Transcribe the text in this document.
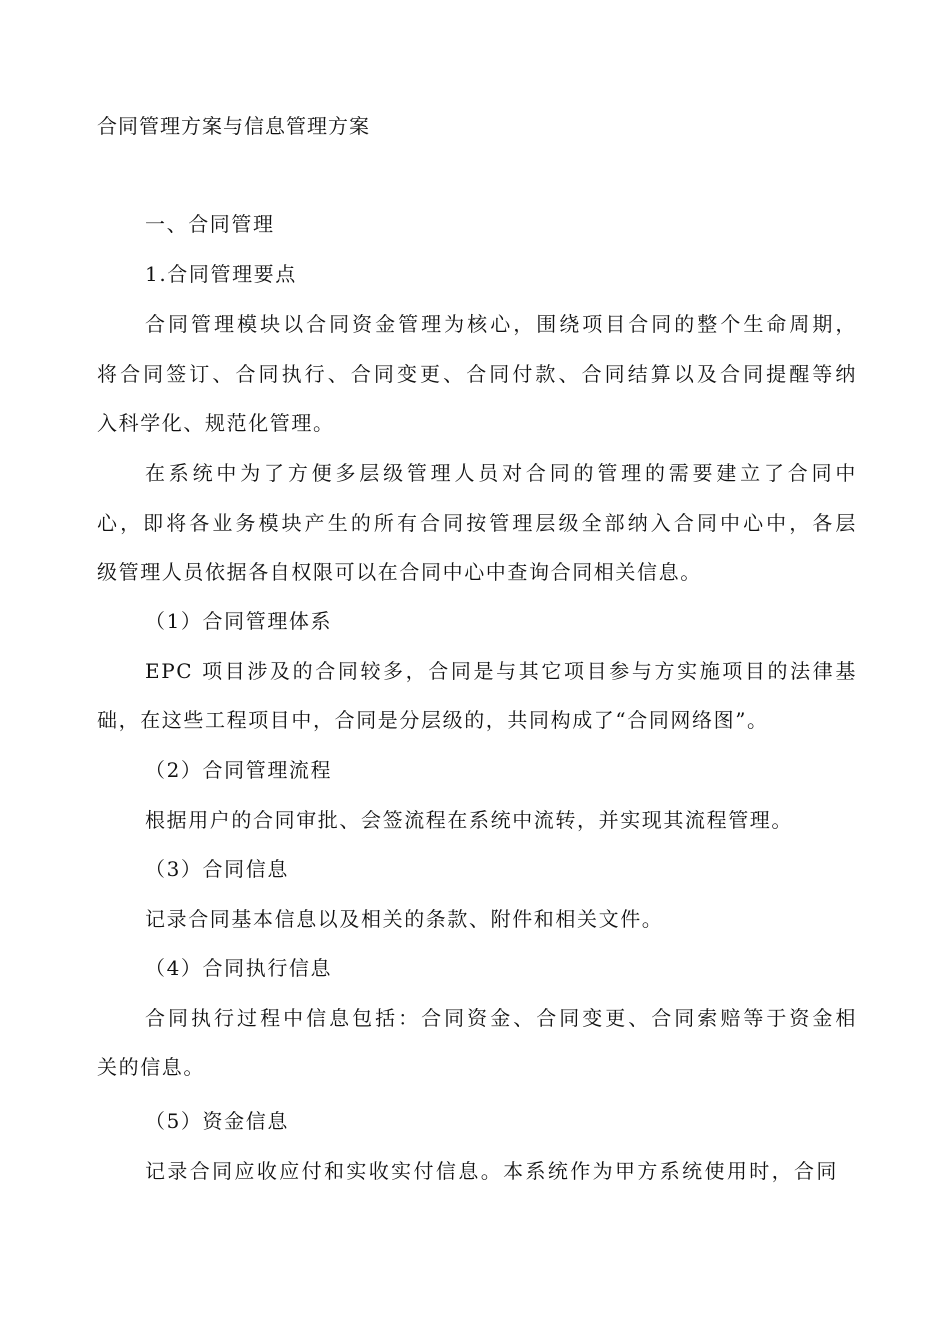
合同管理方案与信息管理方案

一、合同管理

1.合同管理要点

合同管理模块以合同资金管理为核心，围绕项目合同的整个生命周期，

将合同签订、合同执行、合同变更、合同付款、合同结算以及合同提醒等纳

入科学化、规范化管理。

在系统中为了方便多层级管理人员对合同的管理的需要建立了合同中

心，即将各业务模块产生的所有合同按管理层级全部纳入合同中心中，各层

级管理人员依据各自权限可以在合同中心中查询合同相关信息。

（1）合同管理体系

EPC 项目涉及的合同较多，合同是与其它项目参与方实施项目的法律基

础，在这些工程项目中，合同是分层级的，共同构成了“合同网络图”。

（2）合同管理流程

根据用户的合同审批、会签流程在系统中流转，并实现其流程管理。

（3）合同信息

记录合同基本信息以及相关的条款、附件和相关文件。

（4）合同执行信息

合同执行过程中信息包括：合同资金、合同变更、合同索赔等于资金相

关的信息。

（5）资金信息

记录合同应收应付和实收实付信息。本系统作为甲方系统使用时，合同
